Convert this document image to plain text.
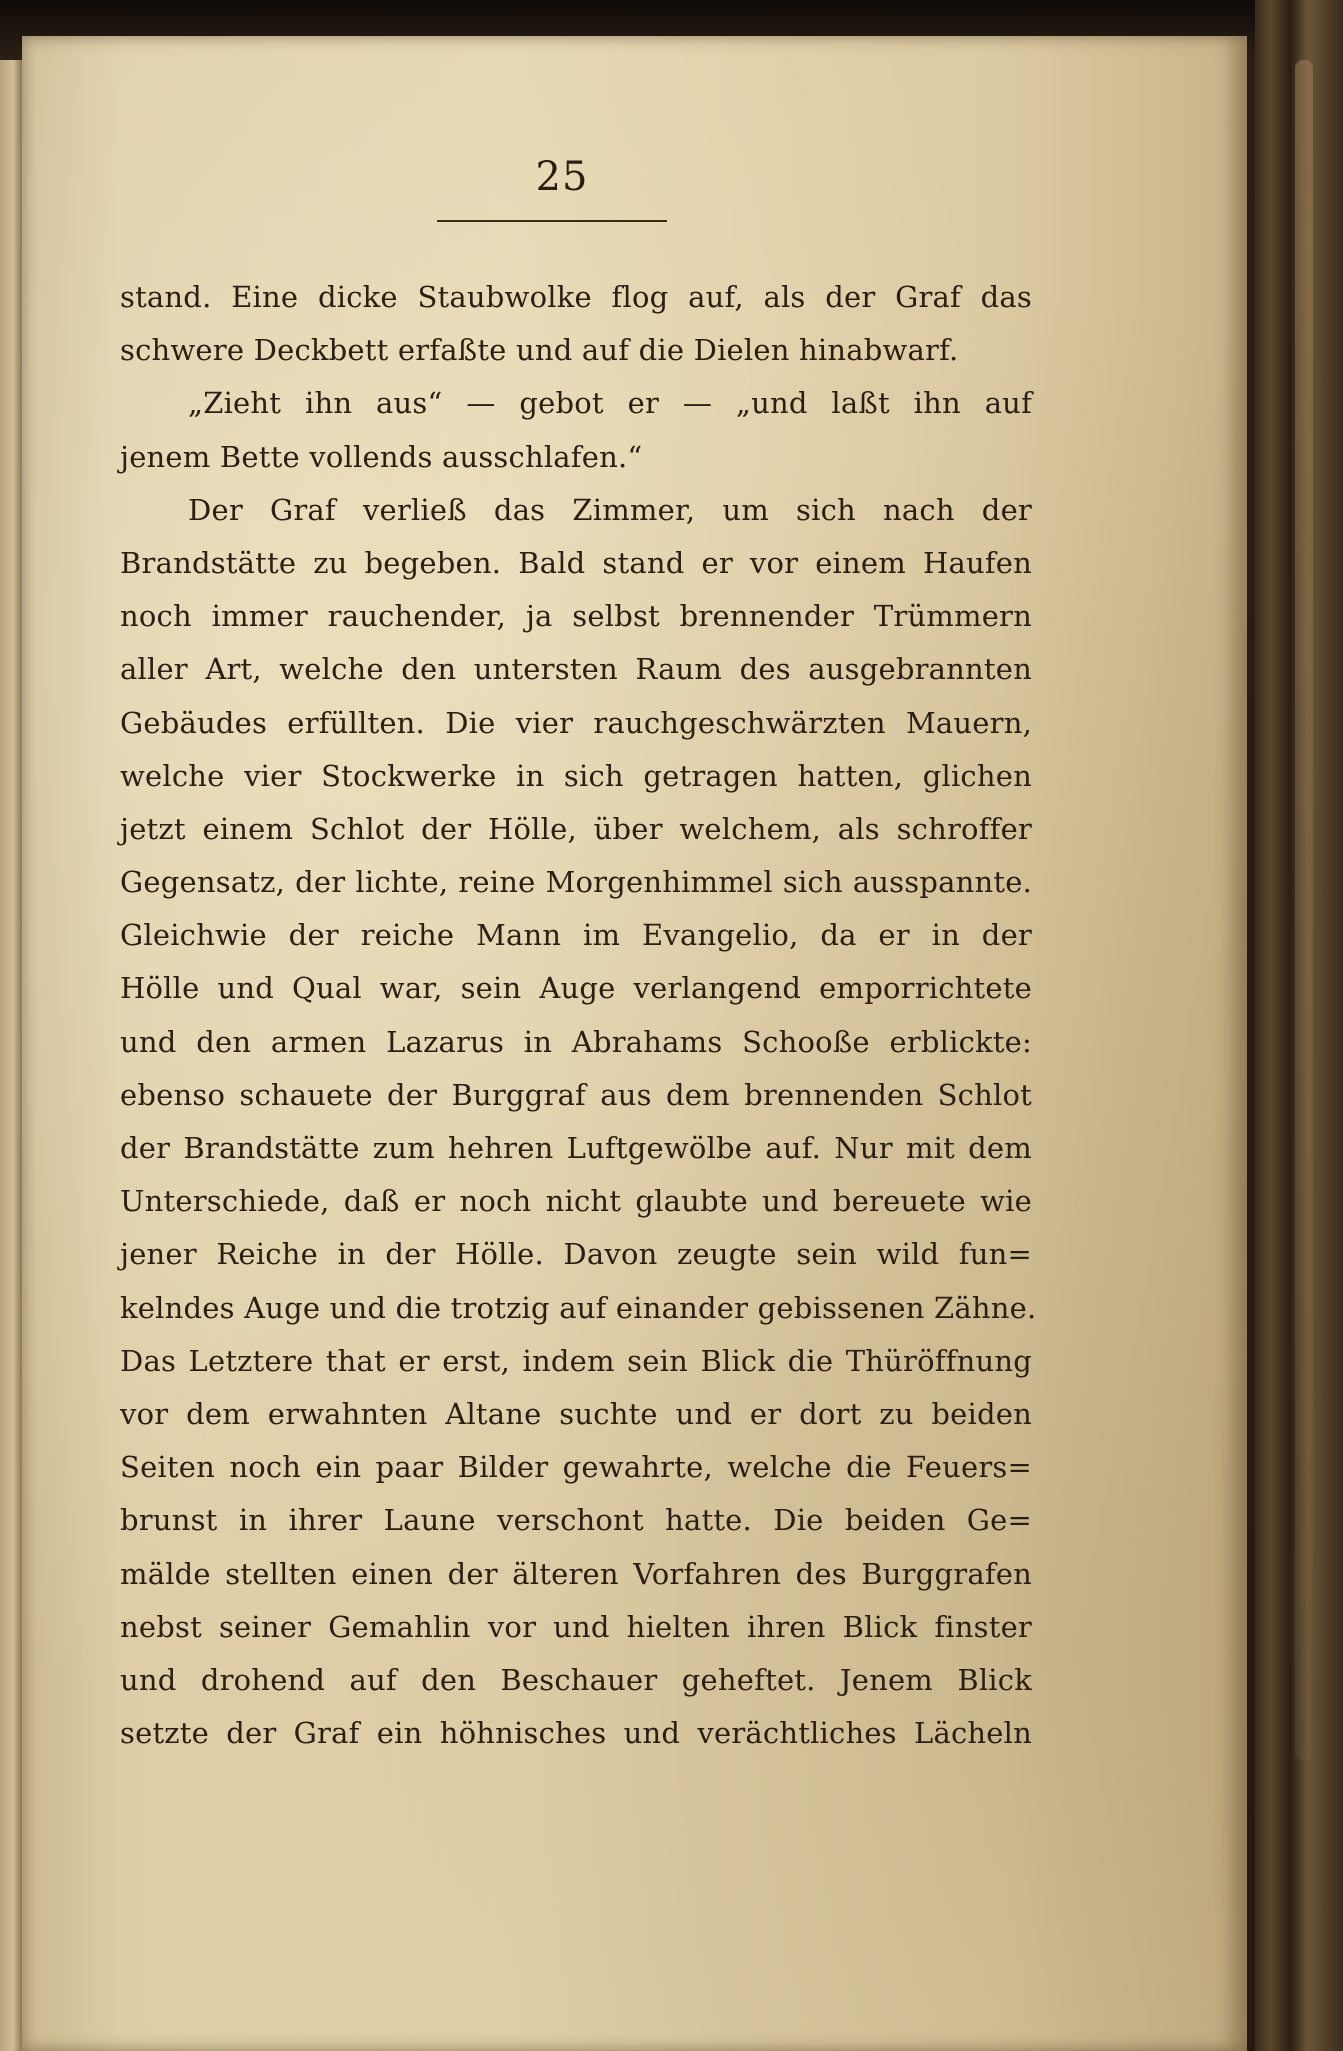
25
stand. Eine dicke Staubwolke flog auf, als der Graf das
schwere Deckbett erfaßte und auf die Dielen hinabwarf.
„Zieht ihn aus“ — gebot er — „und laßt ihn auf
jenem Bette vollends ausschlafen.“
Der Graf verließ das Zimmer, um sich nach der
Brandstätte zu begeben. Bald stand er vor einem Haufen
noch immer rauchender, ja selbst brennender Trümmern
aller Art, welche den untersten Raum des ausgebrannten
Gebäudes erfüllten. Die vier rauchgeschwärzten Mauern,
welche vier Stockwerke in sich getragen hatten, glichen
jetzt einem Schlot der Hölle, über welchem, als schroffer
Gegensatz, der lichte, reine Morgenhimmel sich ausspannte.
Gleichwie der reiche Mann im Evangelio, da er in der
Hölle und Qual war, sein Auge verlangend emporrichtete
und den armen Lazarus in Abrahams Schooße erblickte:
ebenso schauete der Burggraf aus dem brennenden Schlot
der Brandstätte zum hehren Luftgewölbe auf. Nur mit dem
Unterschiede, daß er noch nicht glaubte und bereuete wie
jener Reiche in der Hölle. Davon zeugte sein wild fun=
kelndes Auge und die trotzig auf einander gebissenen Zähne.
Das Letztere that er erst, indem sein Blick die Thüröffnung
vor dem erwahnten Altane suchte und er dort zu beiden
Seiten noch ein paar Bilder gewahrte, welche die Feuers=
brunst in ihrer Laune verschont hatte. Die beiden Ge=
mälde stellten einen der älteren Vorfahren des Burggrafen
nebst seiner Gemahlin vor und hielten ihren Blick finster
und drohend auf den Beschauer geheftet. Jenem Blick
setzte der Graf ein höhnisches und verächtliches Lächeln
